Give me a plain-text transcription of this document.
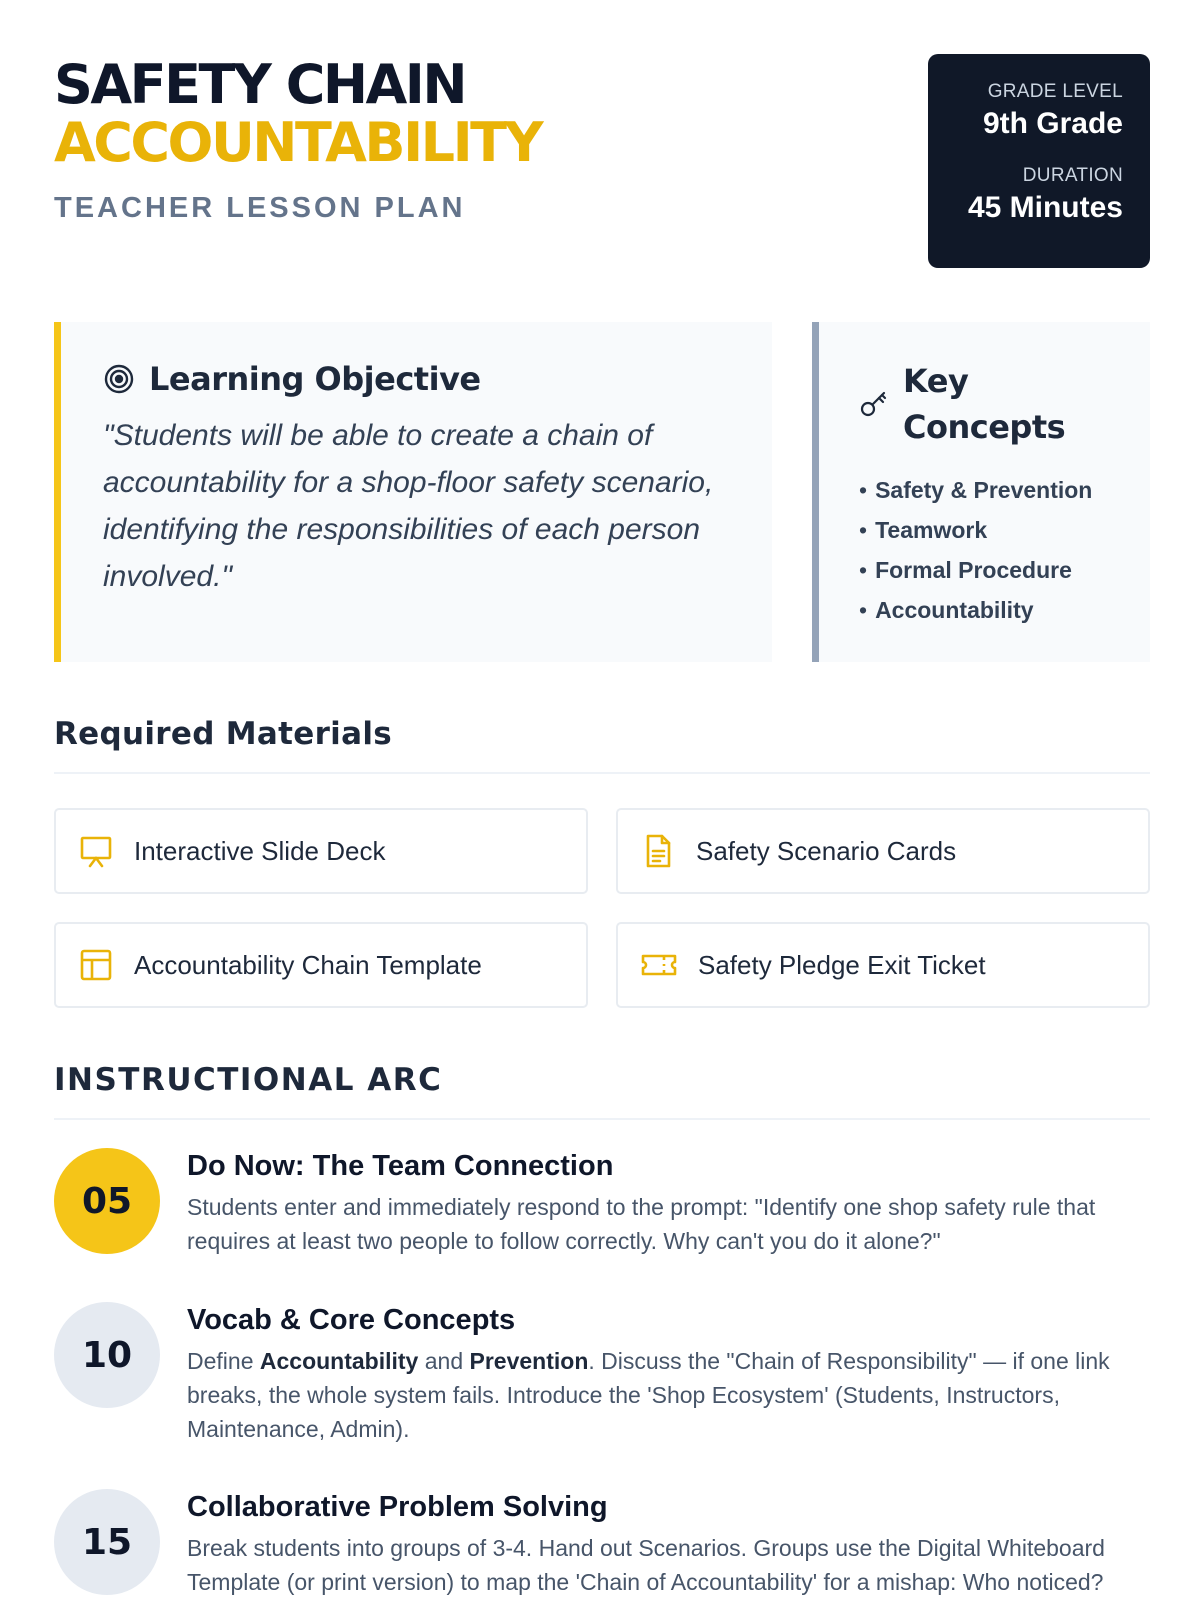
SAFETY CHAIN
ACCOUNTABILITY
TEACHER LESSON PLAN
GRADE LEVEL
9th Grade
DURATION
45 Minutes
Learning Objective

"Students will be able to create a chain of accountability for a shop-floor safety scenario, identifying the responsibilities of each person involved."

Key Concepts
• Safety & Prevention
• Teamwork
• Formal Procedure
• Accountability
Required Materials
Interactive Slide Deck	Safety Scenario Cards
Accountability Chain Template	Safety Pledge Exit Ticket
INSTRUCTIONAL ARC
05
Do Now: The Team Connection

Students enter and immediately respond to the prompt: "Identify one shop safety rule that requires at least two people to follow correctly. Why can't you do it alone?"

10
Vocab & Core Concepts

Define Accountability and Prevention. Discuss the "Chain of Responsibility" — if one link breaks, the whole system fails. Introduce the 'Shop Ecosystem' (Students, Instructors, Maintenance, Admin).

15
Collaborative Problem Solving

Break students into groups of 3-4. Hand out Scenarios. Groups use the Digital Whiteboard Template (or print version) to map the 'Chain of Accountability' for a mishap: Who noticed?
